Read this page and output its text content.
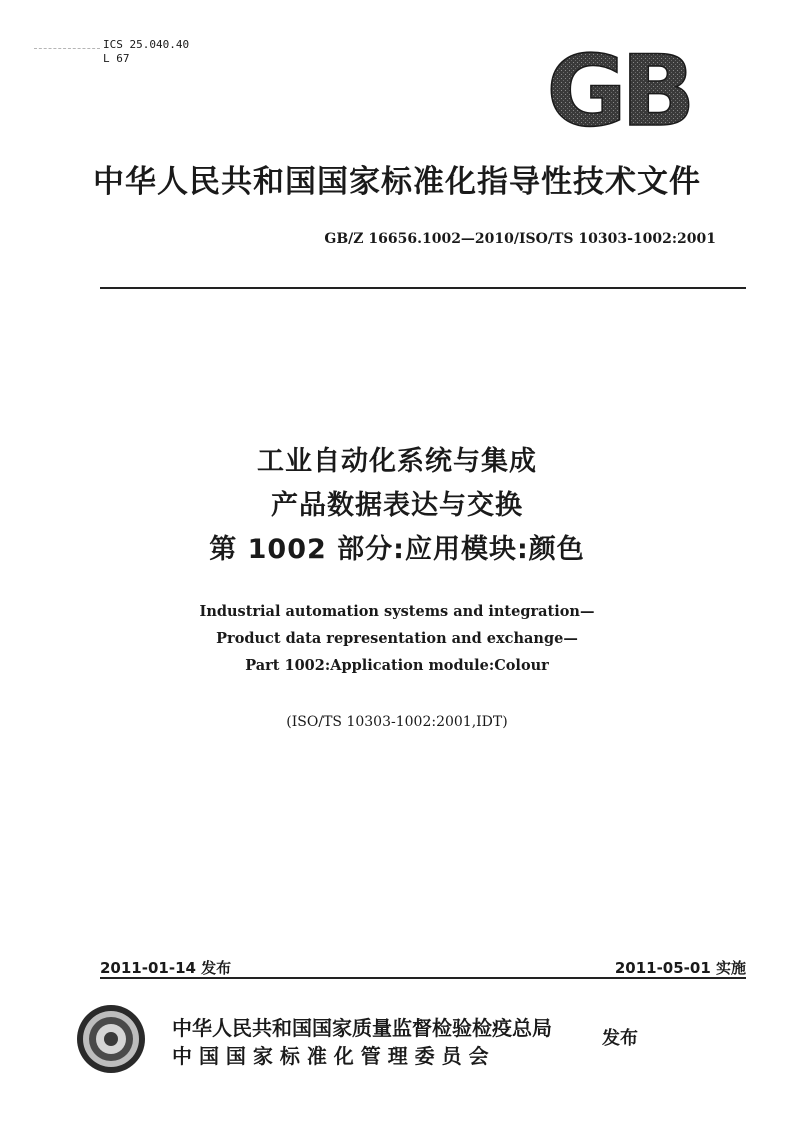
ICS 25.040.40
L 67	GB
中华人民共和国国家标准化指导性技术文件
GB/Z 16656.1002—2010/ISO/TS 10303-1002:2001
工业自动化系统与集成
产品数据表达与交换
第 1002 部分:应用模块:颜色
Industrial automation systems and integration—
Product data representation and exchange—
Part 1002:Application module:Colour
(ISO/TS 10303-1002:2001,IDT)
2011-01-14 发布	2011-05-01 实施
中华人民共和国国家质量监督检验检疫总局
中 国 国 家 标 准 化 管 理 委 员 会
发布
